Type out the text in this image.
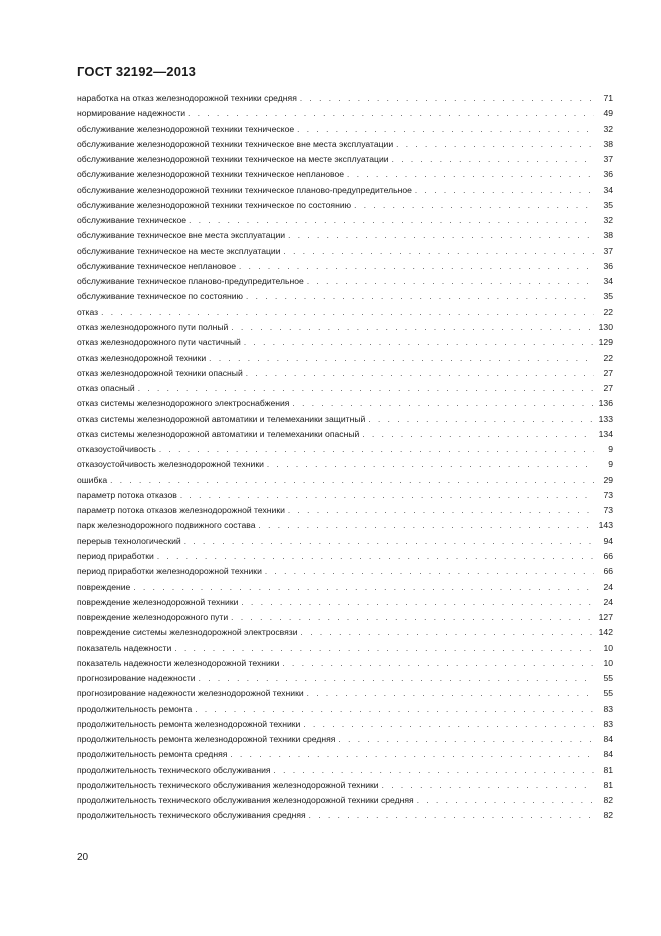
ГОСТ 32192—2013
наработка на отказ железнодорожной техники средняя . . .	71
нормирование надежности . . .	49
обслуживание железнодорожной техники техническое . . .	32
обслуживание железнодорожной техники техническое вне места эксплуатации . . .	38
обслуживание железнодорожной техники техническое на месте эксплуатации . . .	37
обслуживание железнодорожной техники техническое неплановое . . .	36
обслуживание железнодорожной техники техническое планово-предупредительное . . .	34
обслуживание железнодорожной техники техническое по состоянию . . .	35
обслуживание техническое . . .	32
обслуживание техническое вне места эксплуатации . . .	38
обслуживание техническое на месте эксплуатации . . .	37
обслуживание техническое неплановое . . .	36
обслуживание техническое планово-предупредительное . . .	34
обслуживание техническое по состоянию . . .	35
отказ . . .	22
отказ железнодорожного пути полный . . .	130
отказ железнодорожного пути частичный . . .	129
отказ железнодорожной техники . . .	22
отказ железнодорожной техники опасный . . .	27
отказ опасный . . .	27
отказ системы железнодорожного электроснабжения . . .	136
отказ системы железнодорожной автоматики и телемеханики защитный . . .	133
отказ системы железнодорожной автоматики и телемеханики опасный . . .	134
отказоустойчивость . . .	9
отказоустойчивость железнодорожной техники . . .	9
ошибка . . .	29
параметр потока отказов . . .	73
параметр потока отказов железнодорожной техники . . .	73
парк железнодорожного подвижного состава . . .	143
перерыв технологический . . .	94
период приработки . . .	66
период приработки железнодорожной техники . . .	66
повреждение . . .	24
повреждение железнодорожной техники . . .	24
повреждение железнодорожного пути . . .	127
повреждение системы железнодорожной электросвязи . . .	142
показатель надежности . . .	10
показатель надежности железнодорожной техники . . .	10
прогнозирование надежности . . .	55
прогнозирование надежности железнодорожной техники . . .	55
продолжительность ремонта . . .	83
продолжительность ремонта железнодорожной техники . . .	83
продолжительность ремонта железнодорожной техники средняя . . .	84
продолжительность ремонта средняя . . .	84
продолжительность технического обслуживания . . .	81
продолжительность технического обслуживания железнодорожной техники . . .	81
продолжительность технического обслуживания железнодорожной техники средняя . . .	82
продолжительность технического обслуживания средняя . . .	82
20
